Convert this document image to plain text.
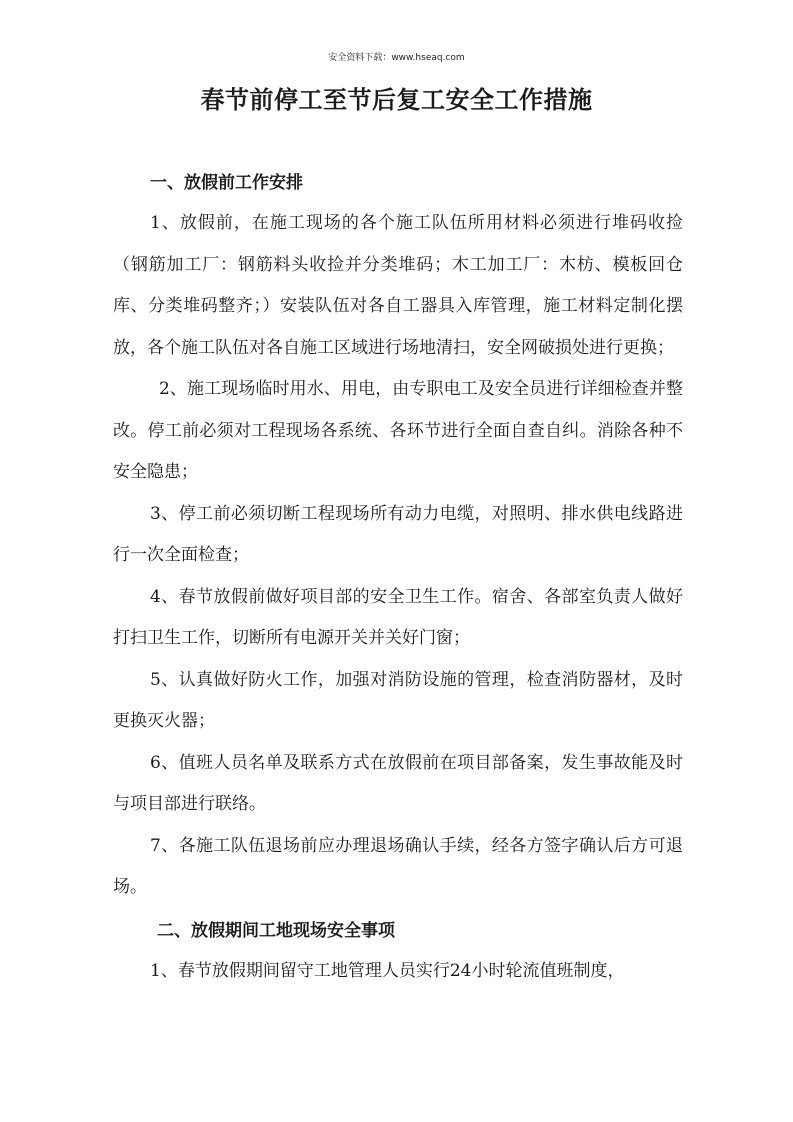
安全资料下载：www.hseaq.com
春节前停工至节后复工安全工作措施

一、放假前工作安排

1、放假前，在施工现场的各个施工队伍所用材料必须进行堆码收捡（钢筋加工厂：钢筋料头收捡并分类堆码；木工加工厂：木枋、模板回仓库、分类堆码整齐；）安装队伍对各自工器具入库管理，施工材料定制化摆放，各个施工队伍对各自施工区域进行场地清扫，安全网破损处进行更换；

2、施工现场临时用水、用电，由专职电工及安全员进行详细检查并整改。停工前必须对工程现场各系统、各环节进行全面自查自纠。消除各种不安全隐患；

3、停工前必须切断工程现场所有动力电缆，对照明、排水供电线路进行一次全面检查；

4、春节放假前做好项目部的安全卫生工作。宿舍、各部室负责人做好打扫卫生工作，切断所有电源开关并关好门窗；

5、认真做好防火工作，加强对消防设施的管理，检查消防器材，及时更换灭火器；

6、值班人员名单及联系方式在放假前在项目部备案，发生事故能及时与项目部进行联络。

7、各施工队伍退场前应办理退场确认手续，经各方签字确认后方可退场。

二、放假期间工地现场安全事项

1、春节放假期间留守工地管理人员实行24小时轮流值班制度，
